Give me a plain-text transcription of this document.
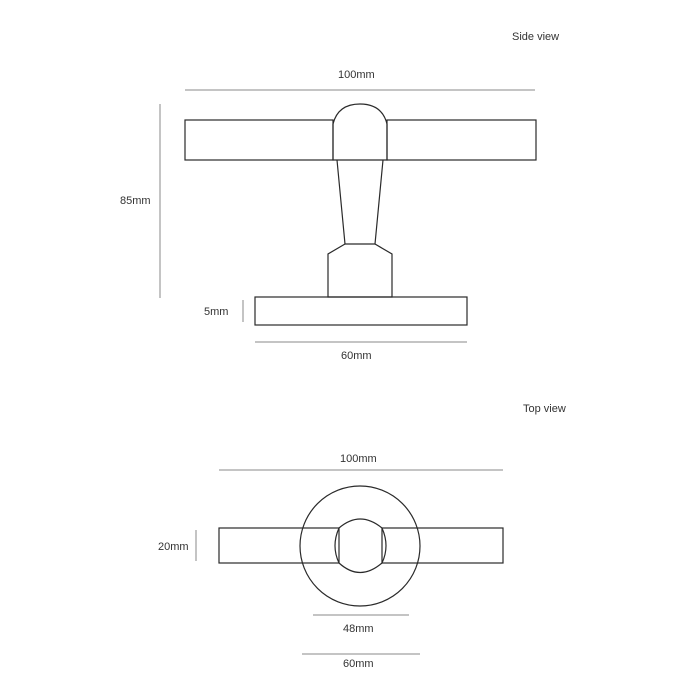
Side view
100mm
85mm
5mm
60mm
Top view
100mm
20mm
48mm
60mm
